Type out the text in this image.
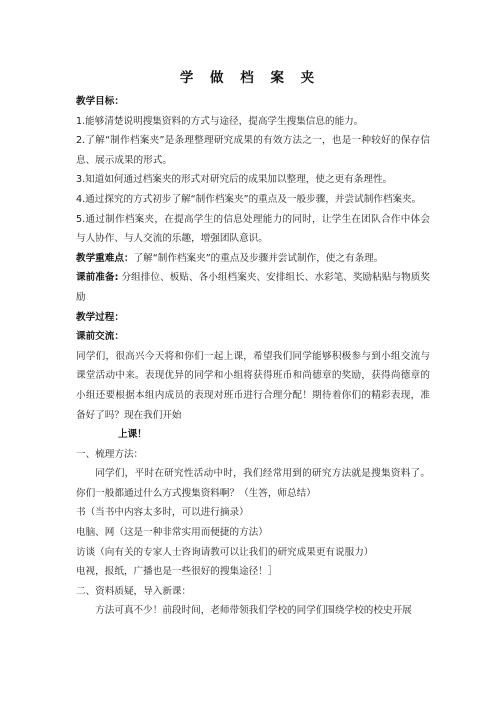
学 做 档 案 夹

教学目标：

1.能够清楚说明搜集资料的方式与途径，提高学生搜集信息的能力。

2.了解“制作档案夹”是条理整理研究成果的有效方法之一，也是一种较好的保存信息、展示成果的形式。

3.知道如何通过档案夹的形式对研究后的成果加以整理，使之更有条理性。

4.通过探究的方式初步了解“制作档案夹”的重点及一般步骤，并尝试制作档案夹。

5.通过制作档案夹，在提高学生的信息处理能力的同时，让学生在团队合作中体会与人协作、与人交流的乐趣，增强团队意识。

教学重难点：了解“制作档案夹”的重点及步骤并尝试制作，使之有条理。

课前准备: 分组排位、板贴、各小组档案夹、安排组长、水彩笔、奖励粘贴与物质奖励

教学过程：

课前交流：

同学们，很高兴今天将和你们一起上课，希望我们同学能够积极参与到小组交流与课堂活动中来。表现优异的同学和小组将获得班币和尚德章的奖励，获得尚德章的小组还要根据本组内成员的表现对班币进行合理分配！期待着你们的精彩表现，准备好了吗？现在我们开始

上课！

一、梳理方法：

同学们，平时在研究性活动中时，我们经常用到的研究方法就是搜集资料了。你们一般都通过什么方式搜集资料啊？（生答，师总结）

书（当书中内容太多时，可以进行摘录）

电脑、网（这是一种非常实用而便捷的方法）

访谈（向有关的专家人士咨询请教可以让我们的研究成果更有说服力）

电视，报纸，广播也是一些很好的搜集途径！］

二、资料质疑，导入新课：

方法可真不少！前段时间，老师带领我们学校的同学们围绕学校的校史开展
